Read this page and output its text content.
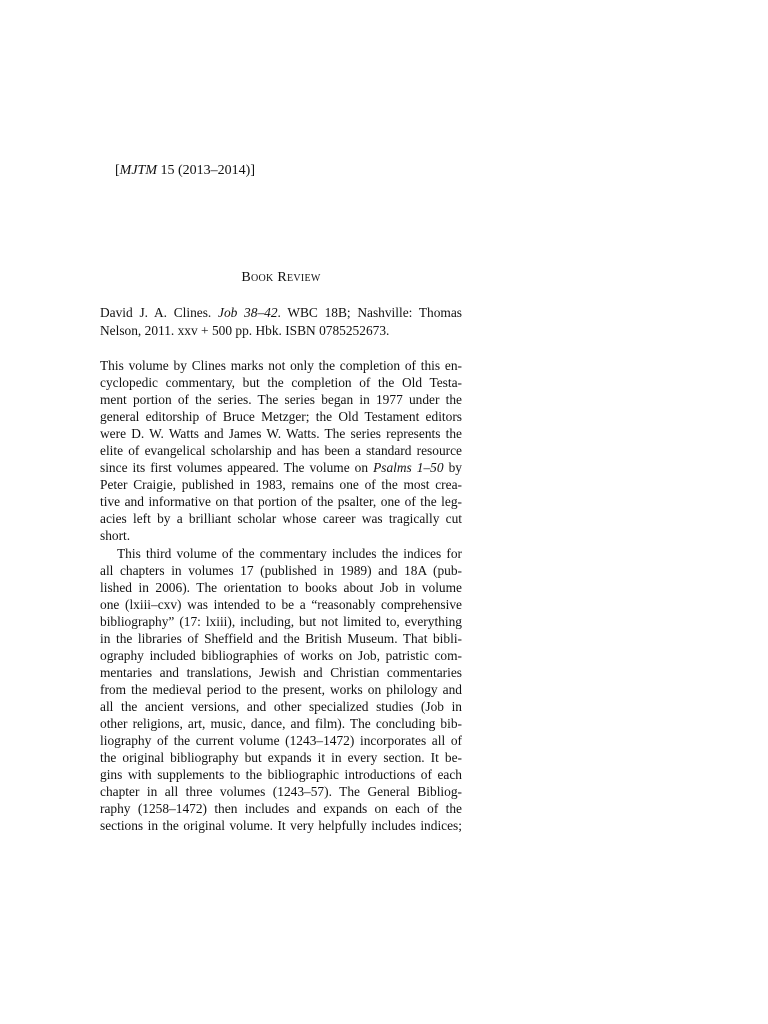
[MJTM 15 (2013–2014)]
Book Review
David J. A. Clines. Job 38–42. WBC 18B; Nashville: Thomas
Nelson, 2011. xxv + 500 pp. Hbk. ISBN 0785252673.

This volume by Clines marks not only the completion of this en-
cyclopedic commentary, but the completion of the Old Testa-
ment portion of the series. The series began in 1977 under the
general editorship of Bruce Metzger; the Old Testament editors
were D. W. Watts and James W. Watts. The series represents the
elite of evangelical scholarship and has been a standard resource
since its first volumes appeared. The volume on Psalms 1–50 by
Peter Craigie, published in 1983, remains one of the most crea-
tive and informative on that portion of the psalter, one of the leg-
acies left by a brilliant scholar whose career was tragically cut
short.

This third volume of the commentary includes the indices for
all chapters in volumes 17 (published in 1989) and 18A (pub-
lished in 2006). The orientation to books about Job in volume
one (lxiii–cxv) was intended to be a “reasonably comprehensive
bibliography” (17: lxiii), including, but not limited to, everything
in the libraries of Sheffield and the British Museum. That bibli-
ography included bibliographies of works on Job, patristic com-
mentaries and translations, Jewish and Christian commentaries
from the medieval period to the present, works on philology and
all the ancient versions, and other specialized studies (Job in
other religions, art, music, dance, and film). The concluding bib-
liography of the current volume (1243–1472) incorporates all of
the original bibliography but expands it in every section. It be-
gins with supplements to the bibliographic introductions of each
chapter in all three volumes (1243–57). The General Bibliog-
raphy (1258–1472) then includes and expands on each of the
sections in the original volume. It very helpfully includes indices;
